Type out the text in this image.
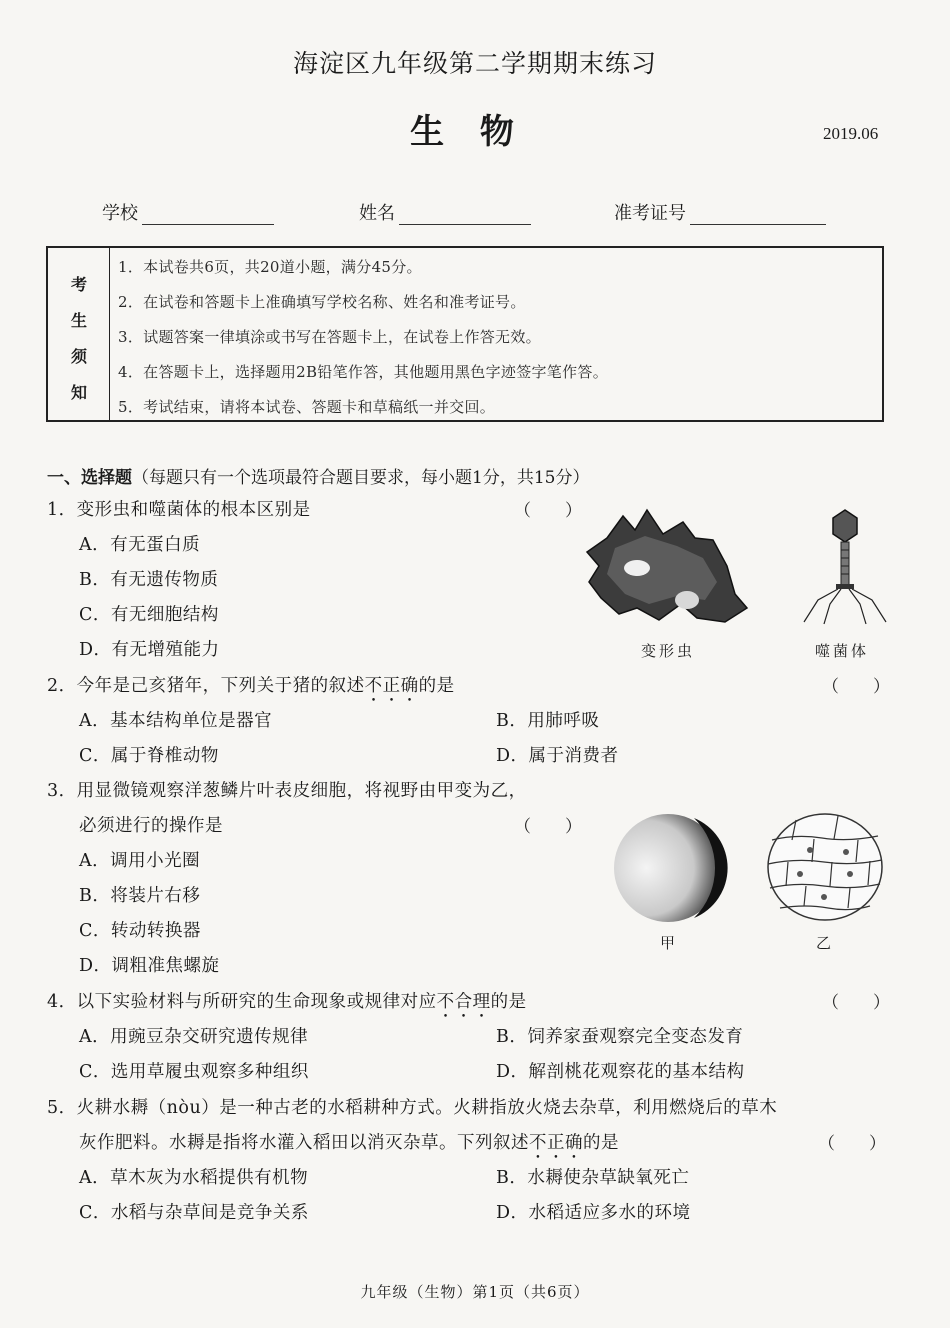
海淀区九年级第二学期期末练习
生 物	2019.06
学校	姓名	准考证号
考
生
须
知
1．本试卷共6页，共20道小题，满分45分。
2．在试卷和答题卡上准确填写学校名称、姓名和准考证号。
3．试题答案一律填涂或书写在答题卡上，在试卷上作答无效。
4．在答题卡上，选择题用2B铅笔作答，其他题用黑色字迹签字笔作答。
5．考试结束，请将本试卷、答题卡和草稿纸一并交回。
一、选择题（每题只有一个选项最符合题目要求，每小题1分，共15分）
1．变形虫和噬菌体的根本区别是	（　　）
A．有无蛋白质
B．有无遗传物质
C．有无细胞结构
D．有无增殖能力	变形虫	噬菌体
2．今年是己亥猪年，下列关于猪的叙述不正确的是	（　　）
A．基本结构单位是器官	B．用肺呼吸
C．属于脊椎动物	D．属于消费者
3．用显微镜观察洋葱鳞片叶表皮细胞，将视野由甲变为乙，
必须进行的操作是	（　　）
A．调用小光圈
B．将装片右移
C．转动转换器
D．调粗准焦螺旋
甲	乙
4．以下实验材料与所研究的生命现象或规律对应不合理的是	（　　）
A．用豌豆杂交研究遗传规律	B．饲养家蚕观察完全变态发育
C．选用草履虫观察多种组织	D．解剖桃花观察花的基本结构
5．火耕水耨（nòu）是一种古老的水稻耕种方式。火耕指放火烧去杂草，利用燃烧后的草木
灰作肥料。水耨是指将水灌入稻田以消灭杂草。下列叙述不正确的是	（　　）
A．草木灰为水稻提供有机物	B．水耨使杂草缺氧死亡
C．水稻与杂草间是竞争关系	D．水稻适应多水的环境
九年级（生物）第1页（共6页）
